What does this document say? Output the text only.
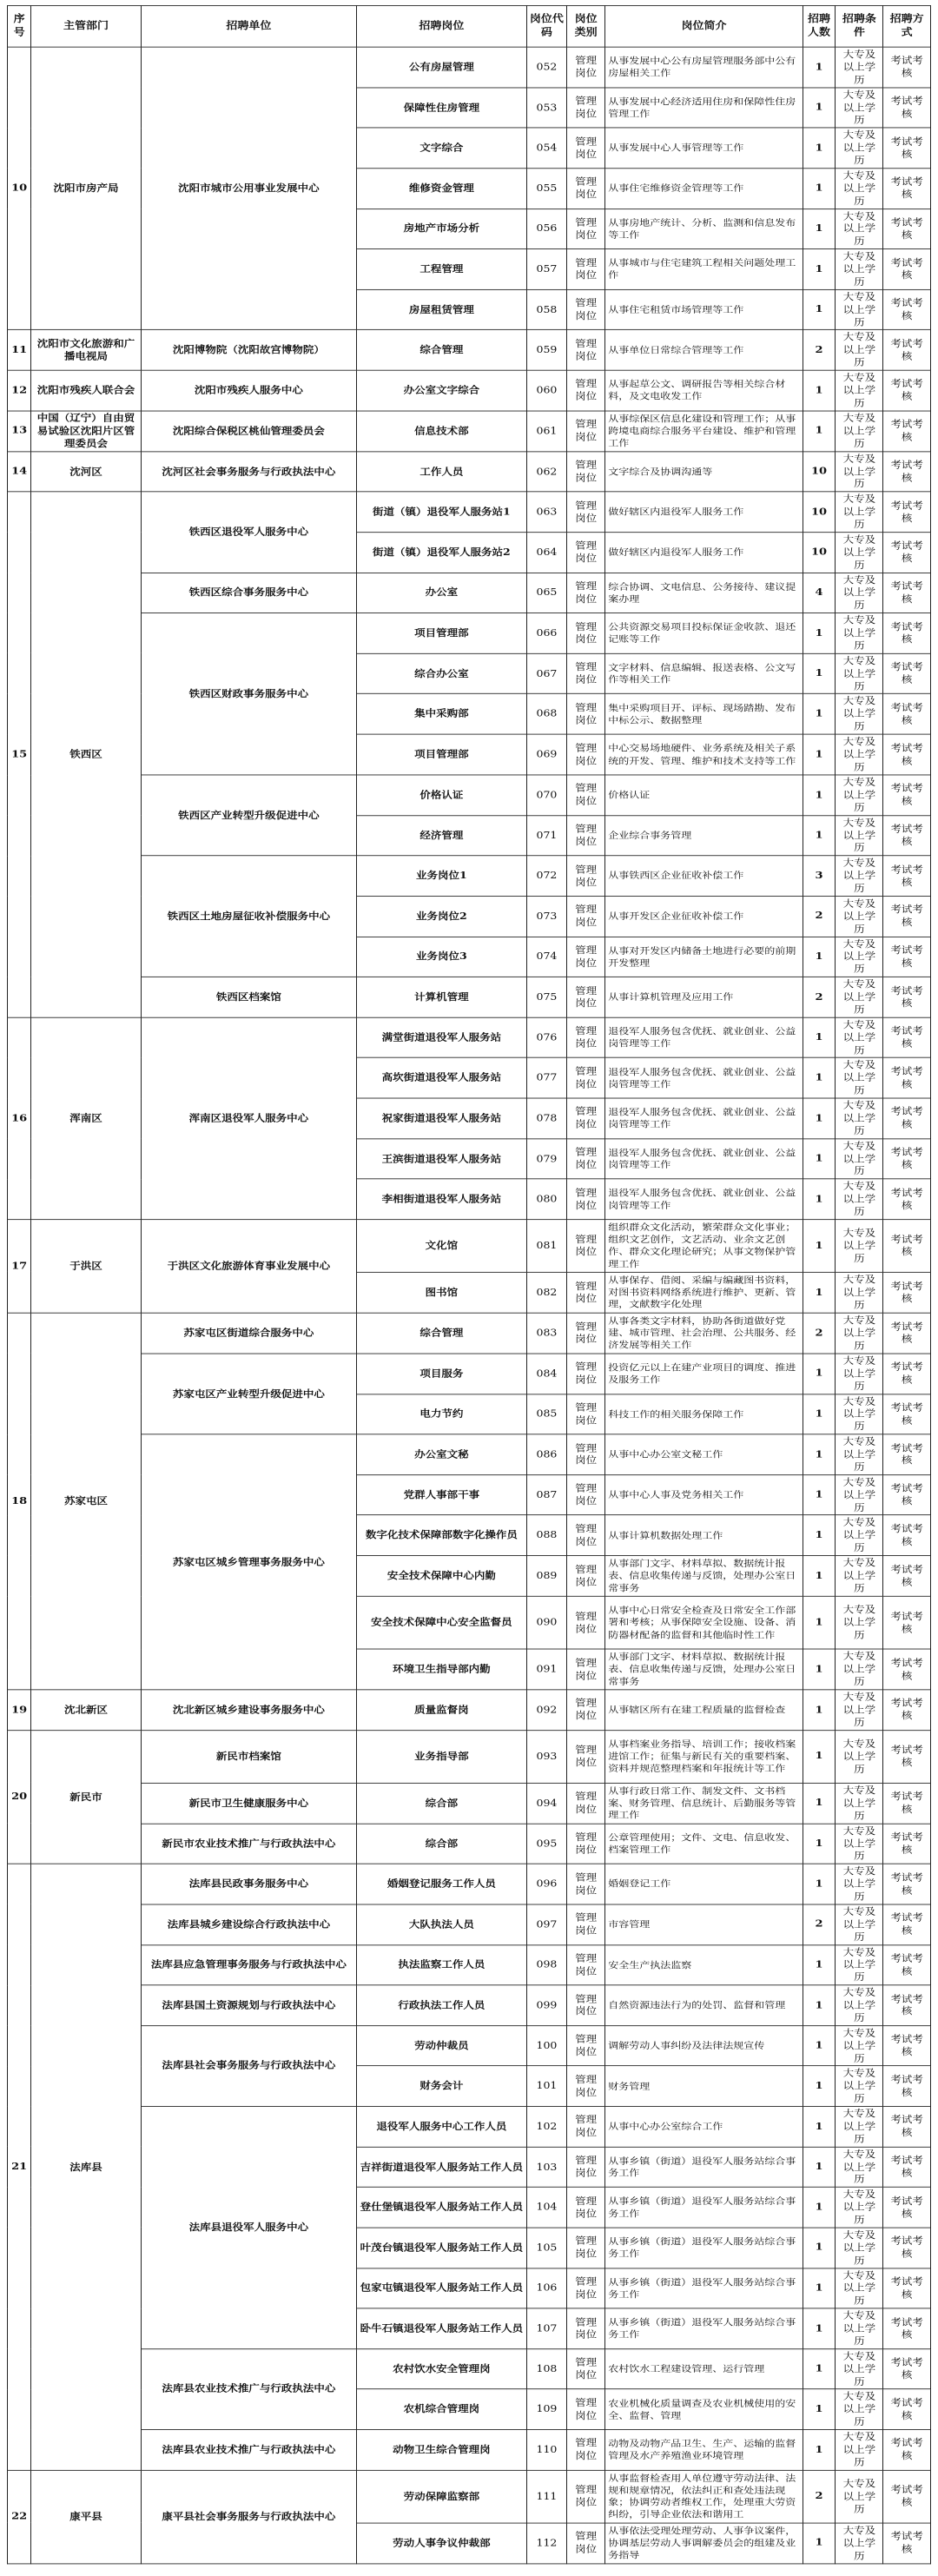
序号	主管部门	招聘单位	招聘岗位	岗位代码	岗位类别	岗位简介	招聘人数	招聘条件	招聘方式
10	沈阳市房产局	沈阳市城市公用事业发展中心	公有房屋管理	052	管理岗位	从事发展中心公有房屋管理服务部中公有房屋相关工作	1	大专及以上学历	考试考核
			保障性住房管理	053	管理岗位	从事发展中心经济适用住房和保障性住房管理工作	1	大专及以上学历	考试考核
			文字综合	054	管理岗位	从事发展中心人事管理等工作	1	大专及以上学历	考试考核
			维修资金管理	055	管理岗位	从事住宅维修资金管理等工作	1	大专及以上学历	考试考核
			房地产市场分析	056	管理岗位	从事房地产统计、分析、监测和信息发布等工作	1	大专及以上学历	考试考核
			工程管理	057	管理岗位	从事城市与住宅建筑工程相关问题处理工作	1	大专及以上学历	考试考核
			房屋租赁管理	058	管理岗位	从事住宅租赁市场管理等工作	1	大专及以上学历	考试考核
11	沈阳市文化旅游和广播电视局	沈阳博物院（沈阳故宫博物院）	综合管理	059	管理岗位	从事单位日常综合管理等工作	2	大专及以上学历	考试考核
12	沈阳市残疾人联合会	沈阳市残疾人服务中心	办公室文字综合	060	管理岗位	从事起草公文、调研报告等相关综合材料，及文电收发工作	1	大专及以上学历	考试考核
13	中国（辽宁）自由贸易试验区沈阳片区管理委员会	沈阳综合保税区桃仙管理委员会	信息技术部	061	管理岗位	从事综保区信息化建设和管理工作；从事跨境电商综合服务平台建设、维护和管理工作	1	大专及以上学历	考试考核
14	沈河区	沈河区社会事务服务与行政执法中心	工作人员	062	管理岗位	文字综合及协调沟通等	10	大专及以上学历	考试考核
15	铁西区	铁西区退役军人服务中心	街道（镇）退役军人服务站1	063	管理岗位	做好辖区内退役军人服务工作	10	大专及以上学历	考试考核
			街道（镇）退役军人服务站2	064	管理岗位	做好辖区内退役军人服务工作	10	大专及以上学历	考试考核
		铁西区综合事务服务中心	办公室	065	管理岗位	综合协调、文电信息、公务接待、建议提案办理	4	大专及以上学历	考试考核
		铁西区财政事务服务中心	项目管理部	066	管理岗位	公共资源交易项目投标保证金收款、退还记账等工作	1	大专及以上学历	考试考核
			综合办公室	067	管理岗位	文字材料、信息编辑、报送表格、公文写作等相关工作	1	大专及以上学历	考试考核
			集中采购部	068	管理岗位	集中采购项目开、评标、现场踏勘、发布中标公示、数据整理	1	大专及以上学历	考试考核
			项目管理部	069	管理岗位	中心交易场地硬件、业务系统及相关子系统的开发、管理、维护和技术支持等工作	1	大专及以上学历	考试考核
		铁西区产业转型升级促进中心	价格认证	070	管理岗位	价格认证	1	大专及以上学历	考试考核
			经济管理	071	管理岗位	企业综合事务管理	1	大专及以上学历	考试考核
		铁西区土地房屋征收补偿服务中心	业务岗位1	072	管理岗位	从事铁西区企业征收补偿工作	3	大专及以上学历	考试考核
			业务岗位2	073	管理岗位	从事开发区企业征收补偿工作	2	大专及以上学历	考试考核
			业务岗位3	074	管理岗位	从事对开发区内储备土地进行必要的前期开发整理	1	大专及以上学历	考试考核
		铁西区档案馆	计算机管理	075	管理岗位	从事计算机管理及应用工作	2	大专及以上学历	考试考核
16	浑南区	浑南区退役军人服务中心	满堂街道退役军人服务站	076	管理岗位	退役军人服务包含优抚、就业创业、公益岗管理等工作	1	大专及以上学历	考试考核
			高坎街道退役军人服务站	077	管理岗位	退役军人服务包含优抚、就业创业、公益岗管理等工作	1	大专及以上学历	考试考核
			祝家街道退役军人服务站	078	管理岗位	退役军人服务包含优抚、就业创业、公益岗管理等工作	1	大专及以上学历	考试考核
			王滨街道退役军人服务站	079	管理岗位	退役军人服务包含优抚、就业创业、公益岗管理等工作	1	大专及以上学历	考试考核
			李相街道退役军人服务站	080	管理岗位	退役军人服务包含优抚、就业创业、公益岗管理等工作	1	大专及以上学历	考试考核
17	于洪区	于洪区文化旅游体育事业发展中心	文化馆	081	管理岗位	组织群众文化活动，繁荣群众文化事业；组织文艺创作，文艺活动、业余文艺创作、群众文化理论研究；从事文物保护管理工作	1	大专及以上学历	考试考核
			图书馆	082	管理岗位	从事保存、借阅、采编与编藏图书资料，对图书资料网络系统进行维护、更新、管理，文献数字化处理	1	大专及以上学历	考试考核
18	苏家屯区	苏家屯区街道综合服务中心	综合管理	083	管理岗位	从事各类文字材料，协助各街道做好党建、城市管理、社会治理、公共服务、经济发展等相关工作	2	大专及以上学历	考试考核
		苏家屯区产业转型升级促进中心	项目服务	084	管理岗位	投资亿元以上在建产业项目的调度、推进及服务工作	1	大专及以上学历	考试考核
			电力节约	085	管理岗位	科技工作的相关服务保障工作	1	大专及以上学历	考试考核
		苏家屯区城乡管理事务服务中心	办公室文秘	086	管理岗位	从事中心办公室文秘工作	1	大专及以上学历	考试考核
			党群人事部干事	087	管理岗位	从事中心人事及党务相关工作	1	大专及以上学历	考试考核
			数字化技术保障部数字化操作员	088	管理岗位	从事计算机数据处理工作	1	大专及以上学历	考试考核
			安全技术保障中心内勤	089	管理岗位	从事部门文字、材料草拟、数据统计报表、信息收集传递与反馈，处理办公室日常事务	1	大专及以上学历	考试考核
			安全技术保障中心安全监督员	090	管理岗位	从事中心日常安全检查及日常安全工作部署和考核；从事保障安全设施、设备、消防器材配备的监督和其他临时性工作	1	大专及以上学历	考试考核
			环境卫生指导部内勤	091	管理岗位	从事部门文字、材料草拟、数据统计报表、信息收集传递与反馈，处理办公室日常事务	1	大专及以上学历	考试考核
19	沈北新区	沈北新区城乡建设事务服务中心	质量监督岗	092	管理岗位	从事辖区所有在建工程质量的监督检查	1	大专及以上学历	考试考核
20	新民市	新民市档案馆	业务指导部	093	管理岗位	从事档案业务指导、培训工作；接收档案进馆工作；征集与新民有关的重要档案、资料并规范整理档案和年报统计等工作	1	大专及以上学历	考试考核
		新民市卫生健康服务中心	综合部	094	管理岗位	从事行政日常工作、制发文件、文书档案、财务管理、信息统计、后勤服务等管理工作	1	大专及以上学历	考试考核
		新民市农业技术推广与行政执法中心	综合部	095	管理岗位	公章管理使用；文件、文电、信息收发、档案管理工作	1	大专及以上学历	考试考核
21	法库县	法库县民政事务服务中心	婚姻登记服务工作人员	096	管理岗位	婚姻登记工作	1	大专及以上学历	考试考核
		法库县城乡建设综合行政执法中心	大队执法人员	097	管理岗位	市容管理	2	大专及以上学历	考试考核
		法库县应急管理事务服务与行政执法中心	执法监察工作人员	098	管理岗位	安全生产执法监察	1	大专及以上学历	考试考核
		法库县国土资源规划与行政执法中心	行政执法工作人员	099	管理岗位	自然资源违法行为的处罚、监督和管理	1	大专及以上学历	考试考核
		法库县社会事务服务与行政执法中心	劳动仲裁员	100	管理岗位	调解劳动人事纠纷及法律法规宣传	1	大专及以上学历	考试考核
			财务会计	101	管理岗位	财务管理	1	大专及以上学历	考试考核
		法库县退役军人服务中心	退役军人服务中心工作人员	102	管理岗位	从事中心办公室综合工作	1	大专及以上学历	考试考核
			吉祥街道退役军人服务站工作人员	103	管理岗位	从事乡镇（街道）退役军人服务站综合事务工作	1	大专及以上学历	考试考核
			登仕堡镇退役军人服务站工作人员	104	管理岗位	从事乡镇（街道）退役军人服务站综合事务工作	1	大专及以上学历	考试考核
			叶茂台镇退役军人服务站工作人员	105	管理岗位	从事乡镇（街道）退役军人服务站综合事务工作	1	大专及以上学历	考试考核
			包家屯镇退役军人服务站工作人员	106	管理岗位	从事乡镇（街道）退役军人服务站综合事务工作	1	大专及以上学历	考试考核
			卧牛石镇退役军人服务站工作人员	107	管理岗位	从事乡镇（街道）退役军人服务站综合事务工作	1	大专及以上学历	考试考核
		法库县农业技术推广与行政执法中心	农村饮水安全管理岗	108	管理岗位	农村饮水工程建设管理、运行管理	1	大专及以上学历	考试考核
			农机综合管理岗	109	管理岗位	农业机械化质量调查及农业机械使用的安全、监督、管理	1	大专及以上学历	考试考核
		法库县农业技术推广与行政执法中心	动物卫生综合管理岗	110	管理岗位	动物及动物产品卫生、生产、运输的监督管理及水产养殖渔业环境管理	1	大专及以上学历	考试考核
22	康平县	康平县社会事务服务与行政执法中心	劳动保障监察部	111	管理岗位	从事监督检查用人单位遵守劳动法律、法规和规章情况，依法纠正和查处违法现象；协调劳动者维权工作，处理重大劳资纠纷，引导企业依法和谐用工	2	大专及以上学历	考试考核
			劳动人事争议仲裁部	112	管理岗位	从事依法受理处理劳动、人事争议案件，协调基层劳动人事调解委员会的组建及业务指导	1	大专及以上学历	考试考核
